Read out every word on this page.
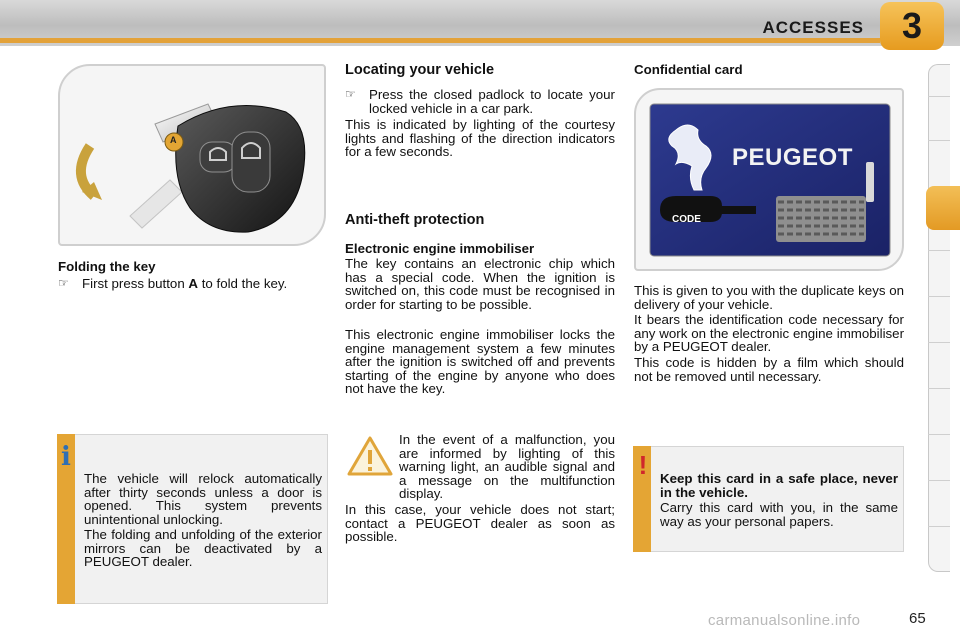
ACCESSES	3
A
Folding the key
☞ First press button A to fold the key.
Locating your vehicle
☞ Press the closed padlock to locate your locked vehicle in a car park.
This is indicated by lighting of the courtesy lights and flashing of the direction indicators for a few seconds.
Anti-theft protection
Electronic engine immobiliser
The key contains an electronic chip which has a special code. When the ignition is switched on, this code must be recognised in order for starting to be possible.
This electronic engine immobiliser locks the engine management system a few minutes after the ignition is switched off and prevents starting of the engine by anyone who does not have the key.
In the event of a malfunction, you are informed by lighting of this warning light, an audible signal and a message on the multifunction display.
In this case, your vehicle does not start; contact a PEUGEOT dealer as soon as possible.
Confidential card
PEUGEOT
CODE
This is given to you with the duplicate keys on delivery of your vehicle.
It bears the identification code necessary for any work on the electronic engine immobiliser by a PEUGEOT dealer.
This code is hidden by a film which should not be removed until necessary.
i
The vehicle will relock automatically after thirty seconds unless a door is opened. This system prevents unintentional unlocking.
The folding and unfolding of the exterior mirrors can be deactivated by a PEUGEOT dealer.
! Keep this card in a safe place, never in the vehicle.
Carry this card with you, in the same way as your personal papers.
carmanualsonline.info	65
